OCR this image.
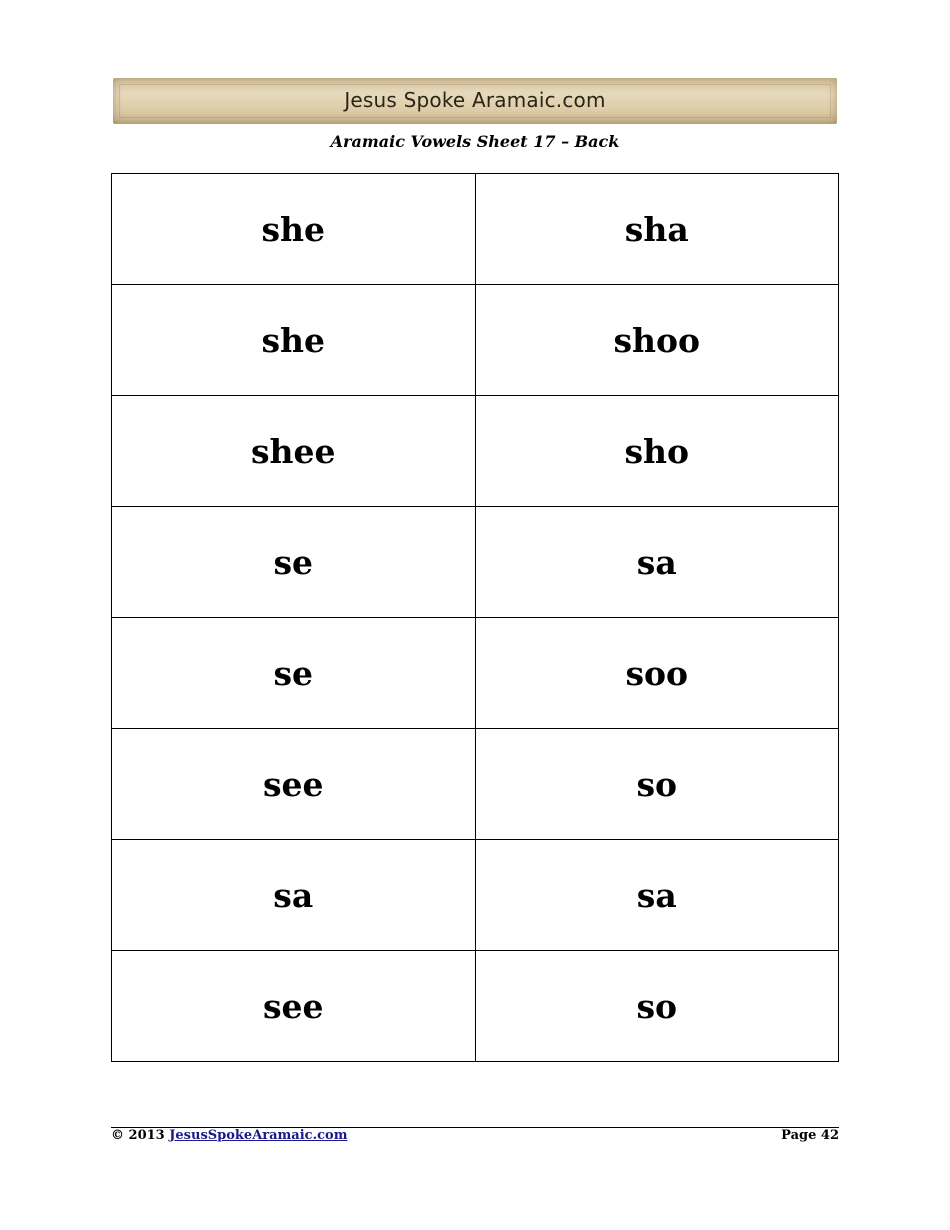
Jesus Spoke Aramaic.com
Aramaic Vowels Sheet 17 – Back
she	sha
she	shoo
shee	sho
se	sa
se	soo
see	so
sa	sa
see	so
© 2013 JesusSpokeAramaic.com	Page 42
